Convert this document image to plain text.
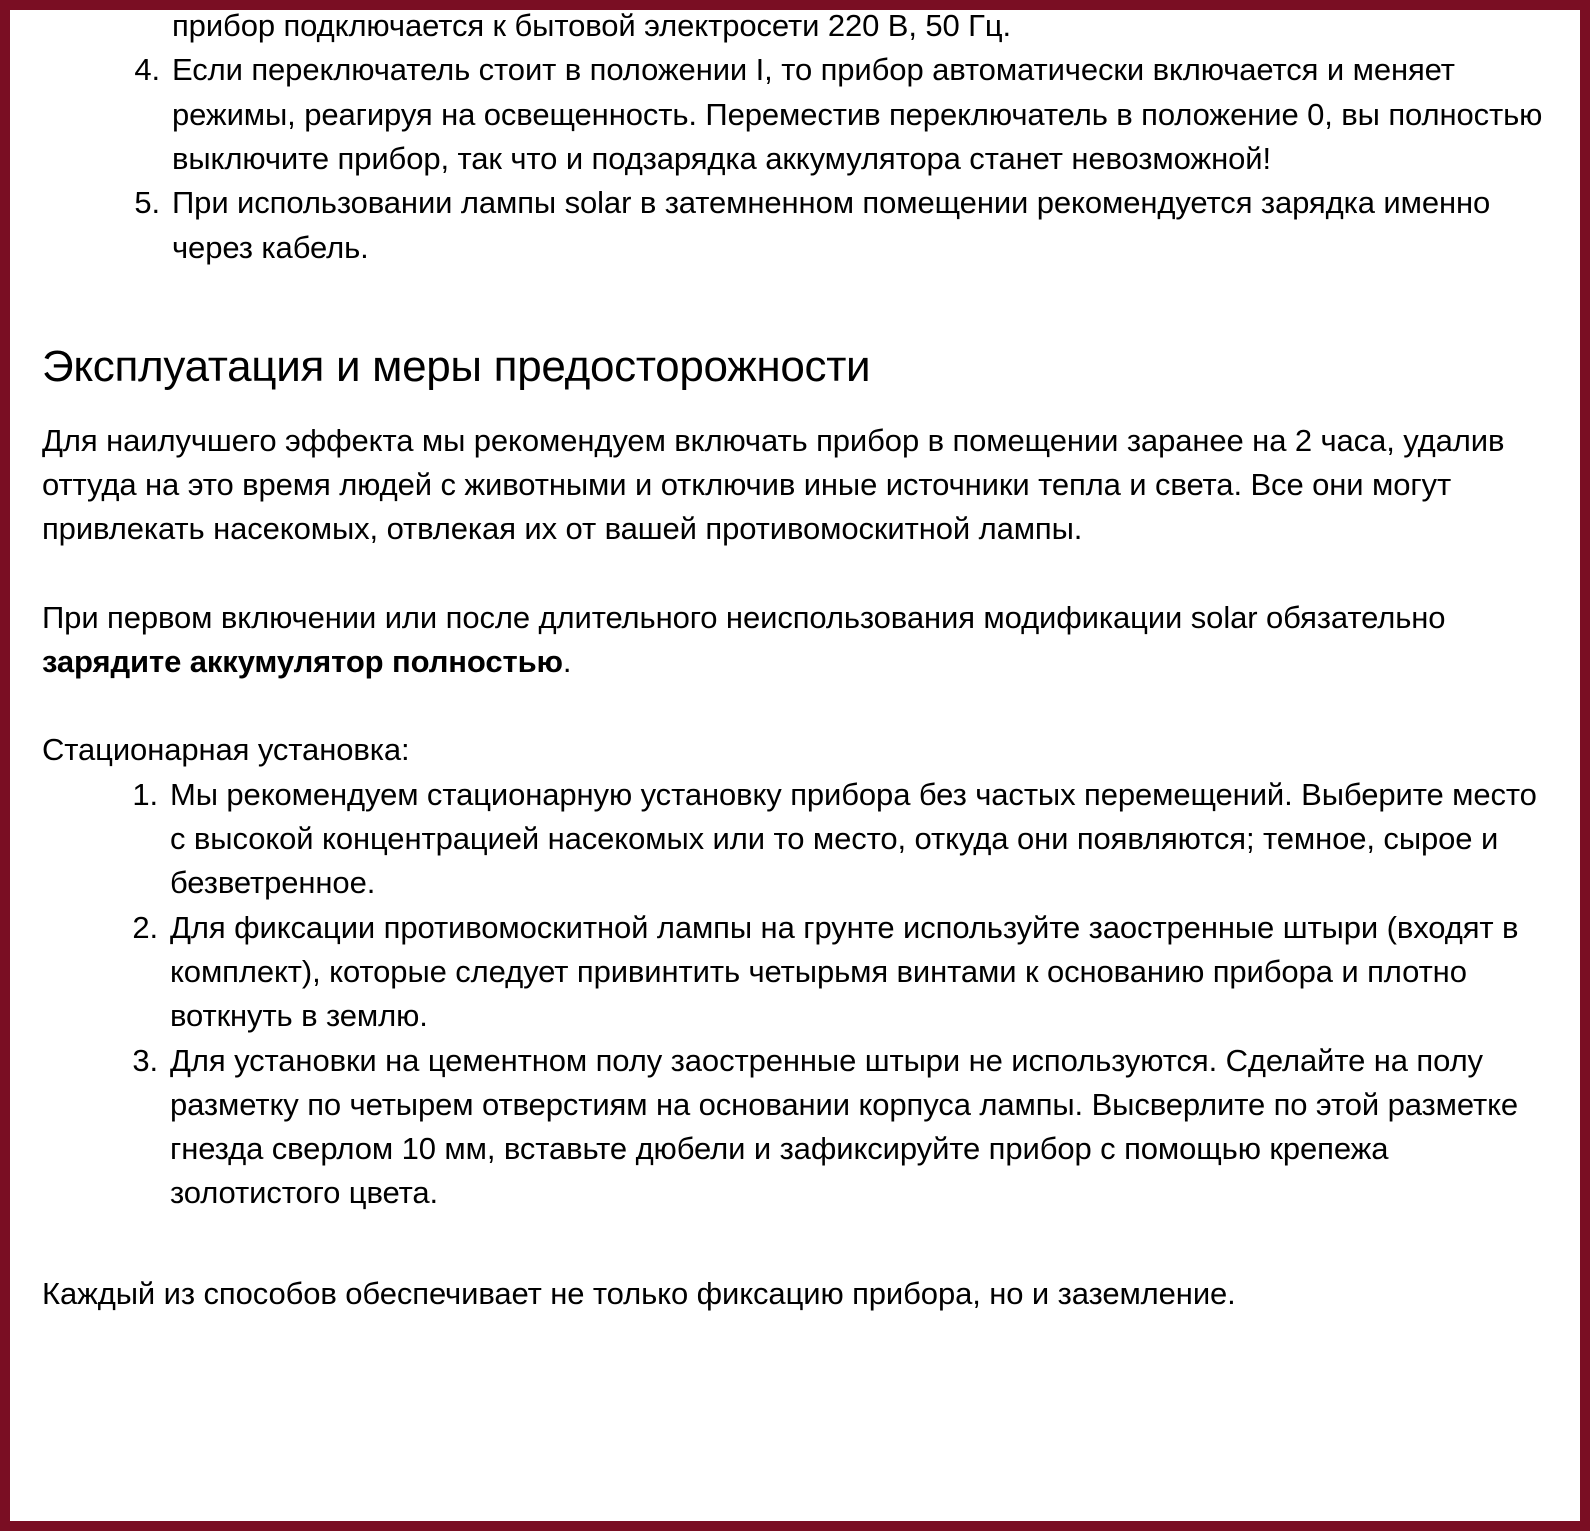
прибор подключается к бытовой электросети 220 В, 50 Гц.
4. Если переключатель стоит в положении I, то прибор автоматически включается и меняет режимы, реагируя на освещенность. Переместив переключатель в положение 0, вы полностью выключите прибор, так что и подзарядка аккумулятора станет невозможной!
5. При использовании лампы solar в затемненном помещении рекомендуется зарядка именно через кабель.
Эксплуатация и меры предосторожности

Для наилучшего эффекта мы рекомендуем включать прибор в помещении заранее на 2 часа, удалив оттуда на это время людей с животными и отключив иные источники тепла и света. Все они могут привлекать насекомых, отвлекая их от вашей противомоскитной лампы.

При первом включении или после длительного неиспользования модификации solar обязательно зарядите аккумулятор полностью.

Стационарная установка:

1. Мы рекомендуем стационарную установку прибора без частых перемещений. Выберите место с высокой концентрацией насекомых или то место, откуда они появляются; темное, сырое и безветренное.
2. Для фиксации противомоскитной лампы на грунте используйте заостренные штыри (входят в комплект), которые следует привинтить четырьмя винтами к основанию прибора и плотно воткнуть в землю.
3. Для установки на цементном полу заостренные штыри не используются. Сделайте на полу разметку по четырем отверстиям на основании корпуса лампы. Высверлите по этой разметке гнезда сверлом 10 мм, вставьте дюбели и зафиксируйте прибор с помощью крепежа золотистого цвета.

Каждый из способов обеспечивает не только фиксацию прибора, но и заземление.
